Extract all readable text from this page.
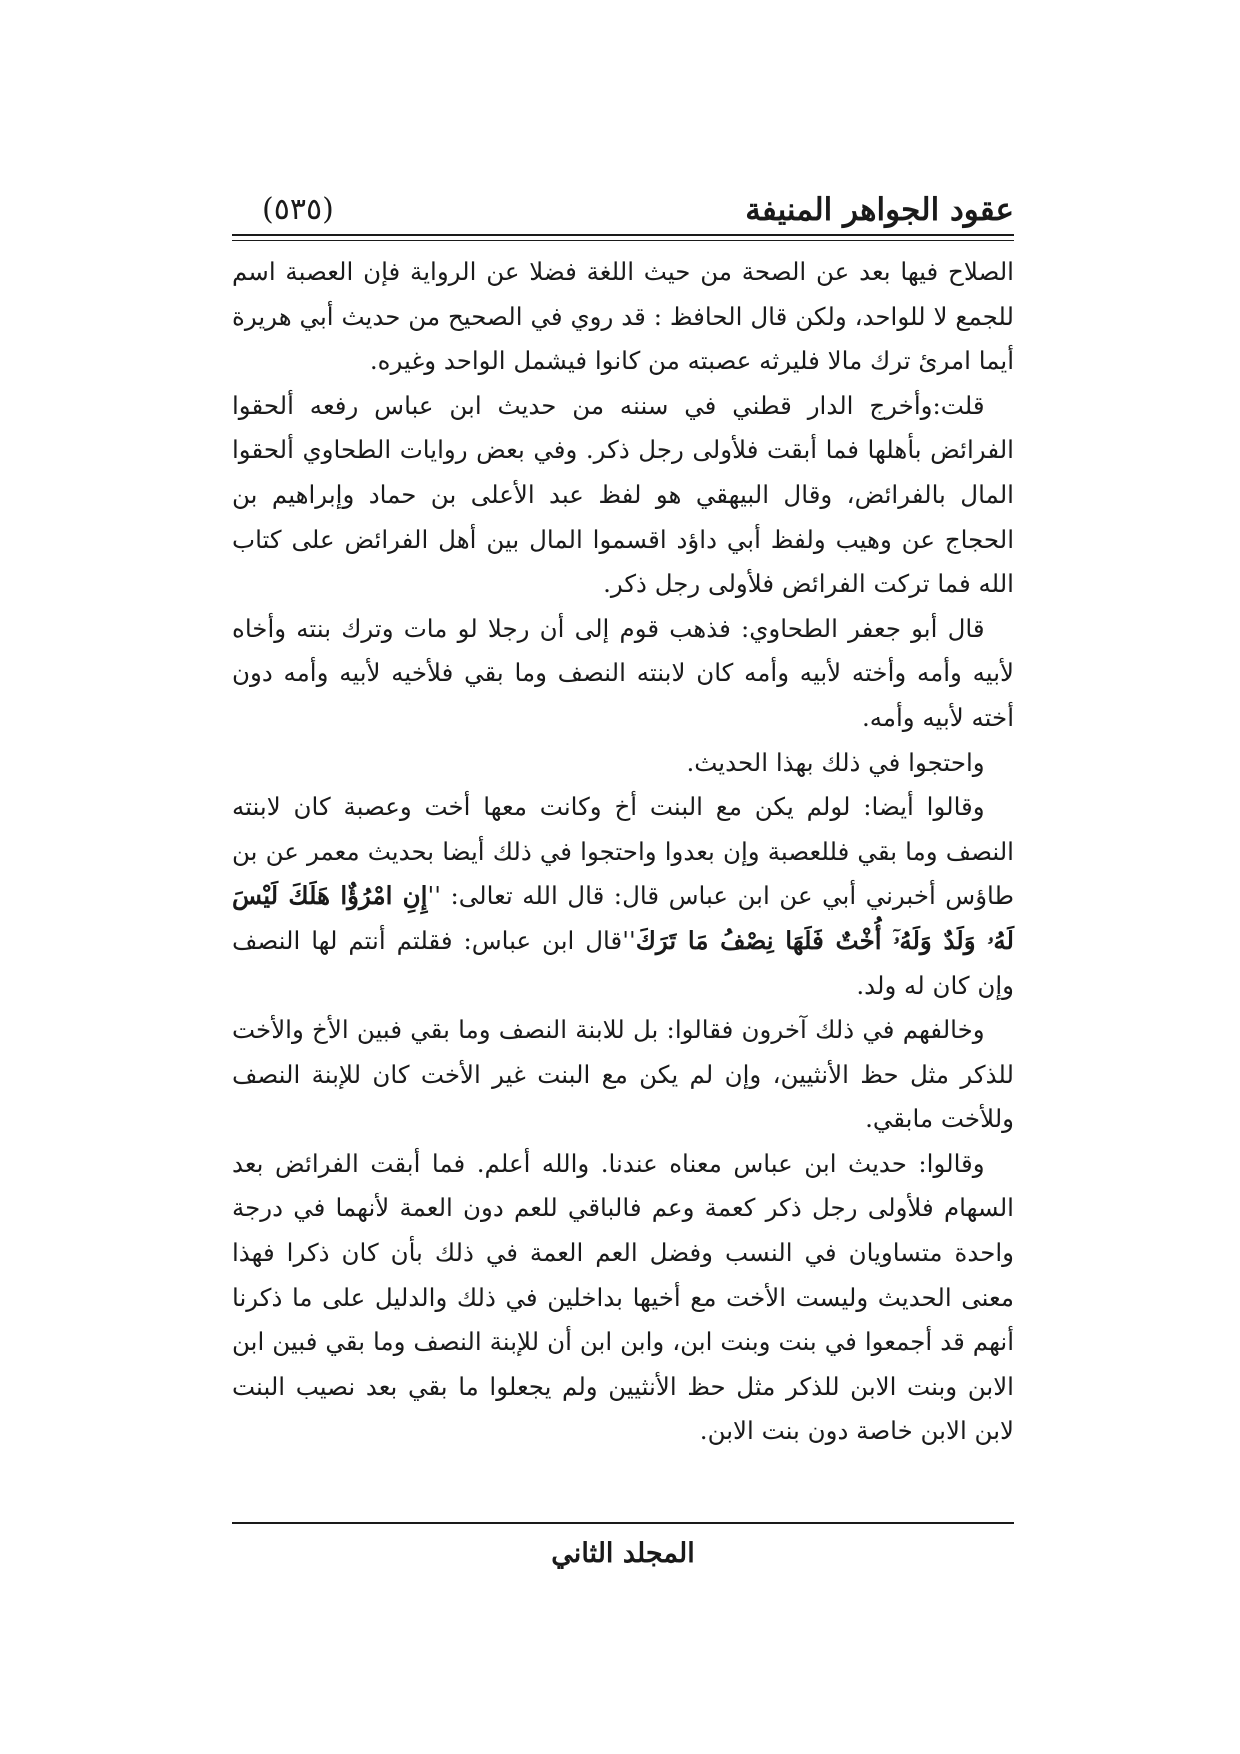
عقود الجواهر المنيفة
(٥٣٥)

الصلاح فيها بعد عن الصحة من حيث اللغة فضلا عن الرواية فإن العصبة اسم للجمع لا للواحد، ولكن قال الحافظ : قد روي في الصحيح من حديث أبي هريرة أيما امرئ ترك مالا فليرثه عصبته من كانوا فيشمل الواحد وغيره.

قلت:وأخرج الدار قطني في سننه من حديث ابن عباس رفعه ألحقوا الفرائض بأهلها فما أبقت فلأولى رجل ذكر. وفي بعض روايات الطحاوي ألحقوا المال بالفرائض، وقال البيهقي هو لفظ عبد الأعلى بن حماد وإبراهيم بن الحجاج عن وهيب ولفظ أبي داؤد اقسموا المال بين أهل الفرائض على كتاب الله فما تركت الفرائض فلأولى رجل ذكر.

قال أبو جعفر الطحاوي: فذهب قوم إلى أن رجلا لو مات وترك بنته وأخاه لأبيه وأمه وأخته لأبيه وأمه كان لابنته النصف وما بقي فلأخيه لأبيه وأمه دون أخته لأبيه وأمه.

واحتجوا في ذلك بهذا الحديث.

وقالوا أيضا: لولم يكن مع البنت أخ وكانت معها أخت وعصبة كان لابنته النصف وما بقي فللعصبة وإن بعدوا واحتجوا في ذلك أيضا بحديث معمر عن بن طاؤس أخبرني أبي عن ابن عباس قال: قال الله تعالى: ''إِنِ امْرُؤٌا هَلَكَ لَيْسَ لَهُۥ وَلَدٌ وَلَهُۥٓ أُخْتٌ فَلَهَا نِصْفُ مَا تَرَكَ''قال ابن عباس: فقلتم أنتم لها النصف وإن كان له ولد.

وخالفهم في ذلك آخرون فقالوا: بل للابنة النصف وما بقي فبين الأخ والأخت للذكر مثل حظ الأنثيين، وإن لم يكن مع البنت غير الأخت كان للإبنة النصف وللأخت مابقي.

وقالوا: حديث ابن عباس معناه عندنا. والله أعلم. فما أبقت الفرائض بعد السهام فلأولى رجل ذكر كعمة وعم فالباقي للعم دون العمة لأنهما في درجة واحدة متساويان في النسب وفضل العم العمة في ذلك بأن كان ذكرا فهذا معنى الحديث وليست الأخت مع أخيها بداخلين في ذلك والدليل على ما ذكرنا أنهم قد أجمعوا في بنت وبنت ابن، وابن ابن أن للإبنة النصف وما بقي فبين ابن الابن وبنت الابن للذكر مثل حظ الأنثيين ولم يجعلوا ما بقي بعد نصيب البنت لابن الابن خاصة دون بنت الابن.

المجلد الثاني
